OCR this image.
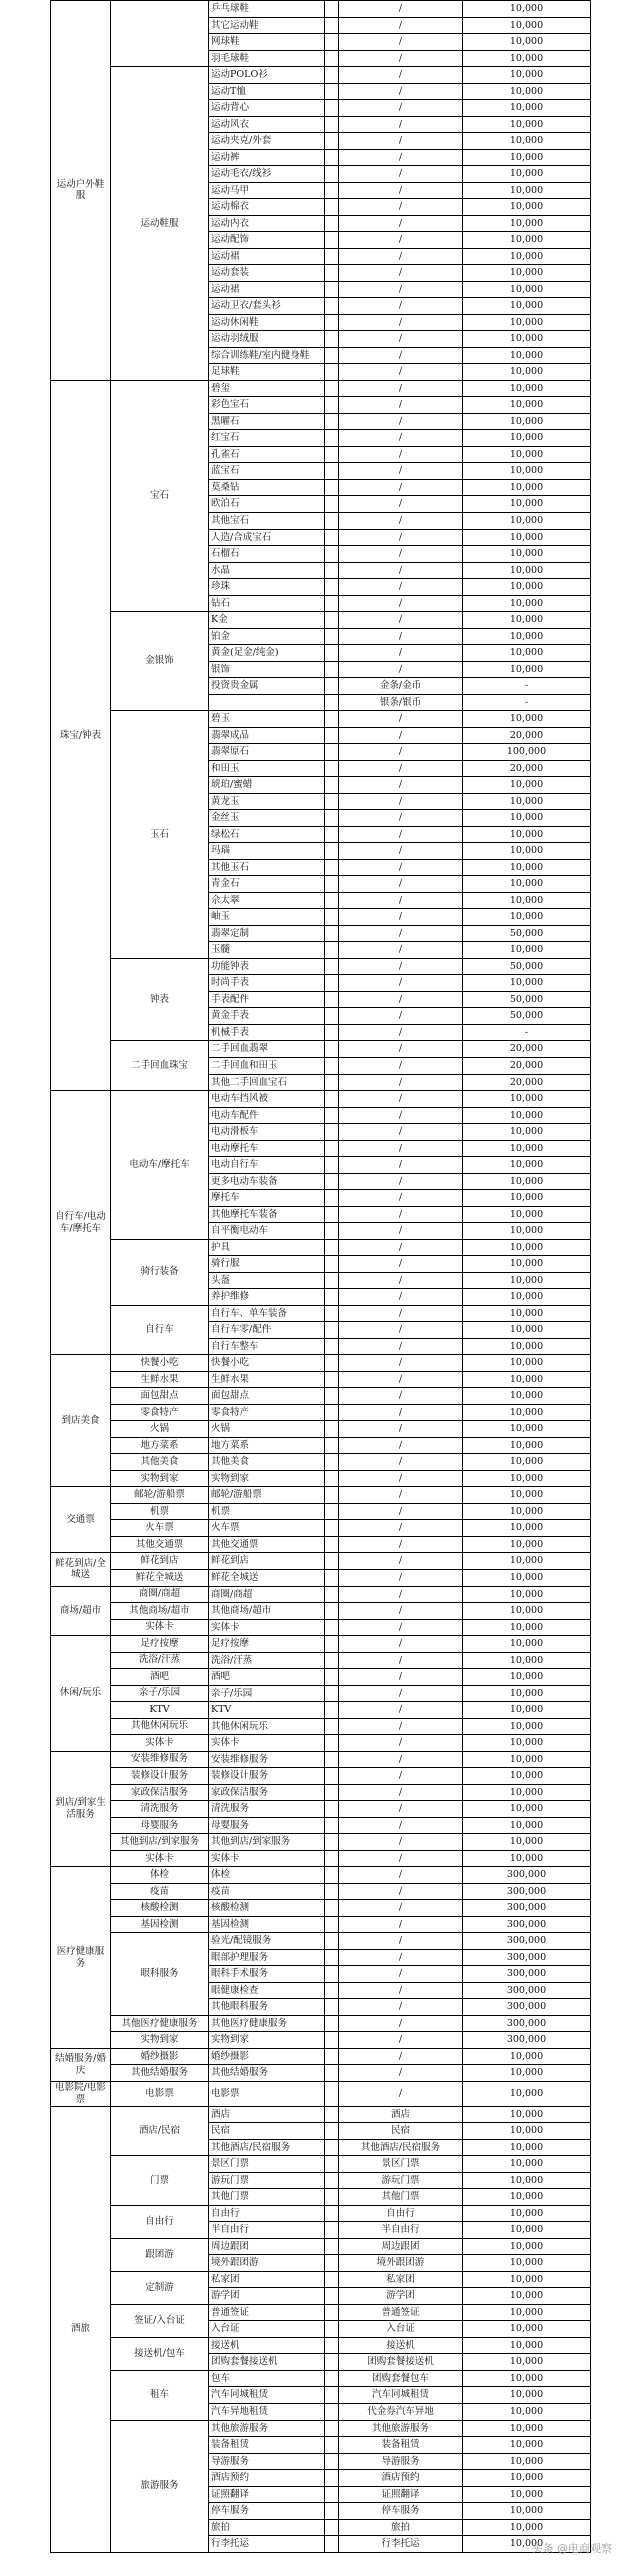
运动户外鞋服		乒乓球鞋		/	10,000
		其它运动鞋		/	10,000
		网球鞋		/	10,000
		羽毛球鞋		/	10,000
	运动鞋服	运动POLO衫		/	10,000
		运动T恤		/	10,000
		运动背心		/	10,000
		运动风衣		/	10,000
		运动夹克/外套		/	10,000
		运动裤		/	10,000
		运动毛衣/线衫		/	10,000
		运动马甲		/	10,000
		运动棉衣		/	10,000
		运动内衣		/	10,000
		运动配饰		/	10,000
		运动裙		/	10,000
		运动套装		/	10,000
		运动裙		/	10,000
		运动卫衣/套头衫		/	10,000
		运动休闲鞋		/	10,000
		运动羽绒服		/	10,000
		综合训练鞋/室内健身鞋		/	10,000
		足球鞋		/	10,000
珠宝/钟表	宝石	碧玺		/	10,000
		彩色宝石		/	10,000
		黑曜石		/	10,000
		红宝石		/	10,000
		孔雀石		/	10,000
		蓝宝石		/	10,000
		莫桑钻		/	10,000
		欧泊石		/	10,000
		其他宝石		/	10,000
		人造/合成宝石		/	10,000
		石榴石		/	10,000
		水晶		/	10,000
		珍珠		/	10,000
		钻石		/	10,000
	金银饰	K金		/	10,000
		铂金		/	10,000
		黄金(足金/纯金)		/	10,000
		银饰		/	10,000
		投资贵金属		金条/金币	-
				银条/银币	-
	玉石	碧玉		/	10,000
		翡翠成品		/	20,000
		翡翠原石		/	100,000
		和田玉		/	20,000
		琥珀/蜜蜡		/	10,000
		黄龙玉		/	10,000
		金丝玉		/	10,000
		绿松石		/	10,000
		玛瑙		/	10,000
		其他玉石		/	10,000
		青金石		/	10,000
		佘太翠		/	10,000
		岫玉		/	10,000
		翡翠定制		/	50,000
		玉髓		/	10,000
	钟表	功能钟表		/	50,000
		时尚手表		/	10,000
		手表配件		/	50,000
		黄金手表		/	50,000
		机械手表		/	-
	二手回血珠宝	二手回血翡翠		/	20,000
		二手回血和田玉		/	20,000
		其他二手回血宝石		/	20,000
自行车/电动车/摩托车	电动车/摩托车	电动车挡风被		/	10,000
		电动车配件		/	10,000
		电动滑板车		/	10,000
		电动摩托车		/	10,000
		电动自行车		/	10,000
		更多电动车装备		/	10,000
		摩托车		/	10,000
		其他摩托车装备		/	10,000
		自平衡电动车		/	10,000
	骑行装备	护具		/	10,000
		骑行服		/	10,000
		头盔		/	10,000
		养护维修		/	10,000
	自行车	自行车、单车装备		/	10,000
		自行车零/配件		/	10,000
		自行车整车		/	10,000
到店美食	快餐小吃	快餐小吃		/	10,000
	生鲜水果	生鲜水果		/	10,000
	面包甜点	面包甜点		/	10,000
	零食特产	零食特产		/	10,000
	火锅	火锅		/	10,000
	地方菜系	地方菜系		/	10,000
	其他美食	其他美食		/	10,000
	实物到家	实物到家		/	10,000
交通票	邮轮/游船票	邮轮/游船票		/	10,000
	机票	机票		/	10,000
	火车票	火车票		/	10,000
	其他交通票	其他交通票		/	10,000
鲜花到店/全城送	鲜花到店	鲜花到店		/	10,000
	鲜花全城送	鲜花全城送		/	10,000
商场/超市	商圈/商超	商圈/商超		/	10,000
	其他商场/超市	其他商场/超市		/	10,000
	实体卡	实体卡		/	10,000
休闲/玩乐	足疗按摩	足疗按摩		/	10,000
	洗浴/汗蒸	洗浴/汗蒸		/	10,000
	酒吧	酒吧		/	10,000
	亲子/乐园	亲子/乐园		/	10,000
	KTV	KTV		/	10,000
	其他休闲玩乐	其他休闲玩乐		/	10,000
	实体卡	实体卡		/	10,000
到店/到家生活服务	安装维修服务	安装维修服务		/	10,000
	装修设计服务	装修设计服务		/	10,000
	家政保洁服务	家政保洁服务		/	10,000
	清洗服务	清洗服务		/	10,000
	母婴服务	母婴服务		/	10,000
	其他到店/到家服务	其他到店/到家服务		/	10,000
	实体卡	实体卡		/	10,000
医疗健康服务	体检	体检		/	300,000
	疫苗	疫苗		/	300,000
	核酸检测	核酸检测		/	300,000
	基因检测	基因检测		/	300,000
	眼科服务	验光/配镜服务		/	300,000
		眼部护理服务		/	300,000
		眼科手术服务		/	300,000
		眼健康检查		/	300,000
		其他眼科服务		/	300,000
	其他医疗健康服务	其他医疗健康服务		/	300,000
	实物到家	实物到家		/	300,000
结婚服务/婚庆	婚纱摄影	婚纱摄影		/	10,000
	其他结婚服务	其他结婚服务		/	10,000
电影院/电影票	电影票	电影票		/	10,000
酒旅	酒店/民宿	酒店		酒店	10,000
		民宿		民宿	10,000
		其他酒店/民宿服务		其他酒店/民宿服务	10,000
	门票	景区门票		景区门票	10,000
		游玩门票		游玩门票	10,000
		其他门票		其他门票	10,000
	自由行	自由行		自由行	10,000
		半自由行		半自由行	10,000
	跟团游	周边跟团		周边跟团	10,000
		境外跟团游		境外跟团游	10,000
	定制游	私家团		私家团	10,000
		游学团		游学团	10,000
	签证/入台证	普通签证		普通签证	10,000
		入台证		入台证	10,000
	接送机/包车	接送机		接送机	10,000
		团购套餐接送机		团购套餐接送机	10,000
	租车	包车		团购套餐包车	10,000
		汽车同城租赁		汽车同城租赁	10,000
		汽车异地租赁		代金券汽车异地	10,000
	旅游服务	其他旅游服务		其他旅游服务	10,000
		装备租赁		装备租赁	10,000
		导游服务		导游服务	10,000
		酒店预约		酒店预约	10,000
		证照翻译		证照翻译	10,000
		停车服务		停车服务	10,000
		旅拍		旅拍	10,000
		行李托运		行李托运	10,000
头条 @电商观察
